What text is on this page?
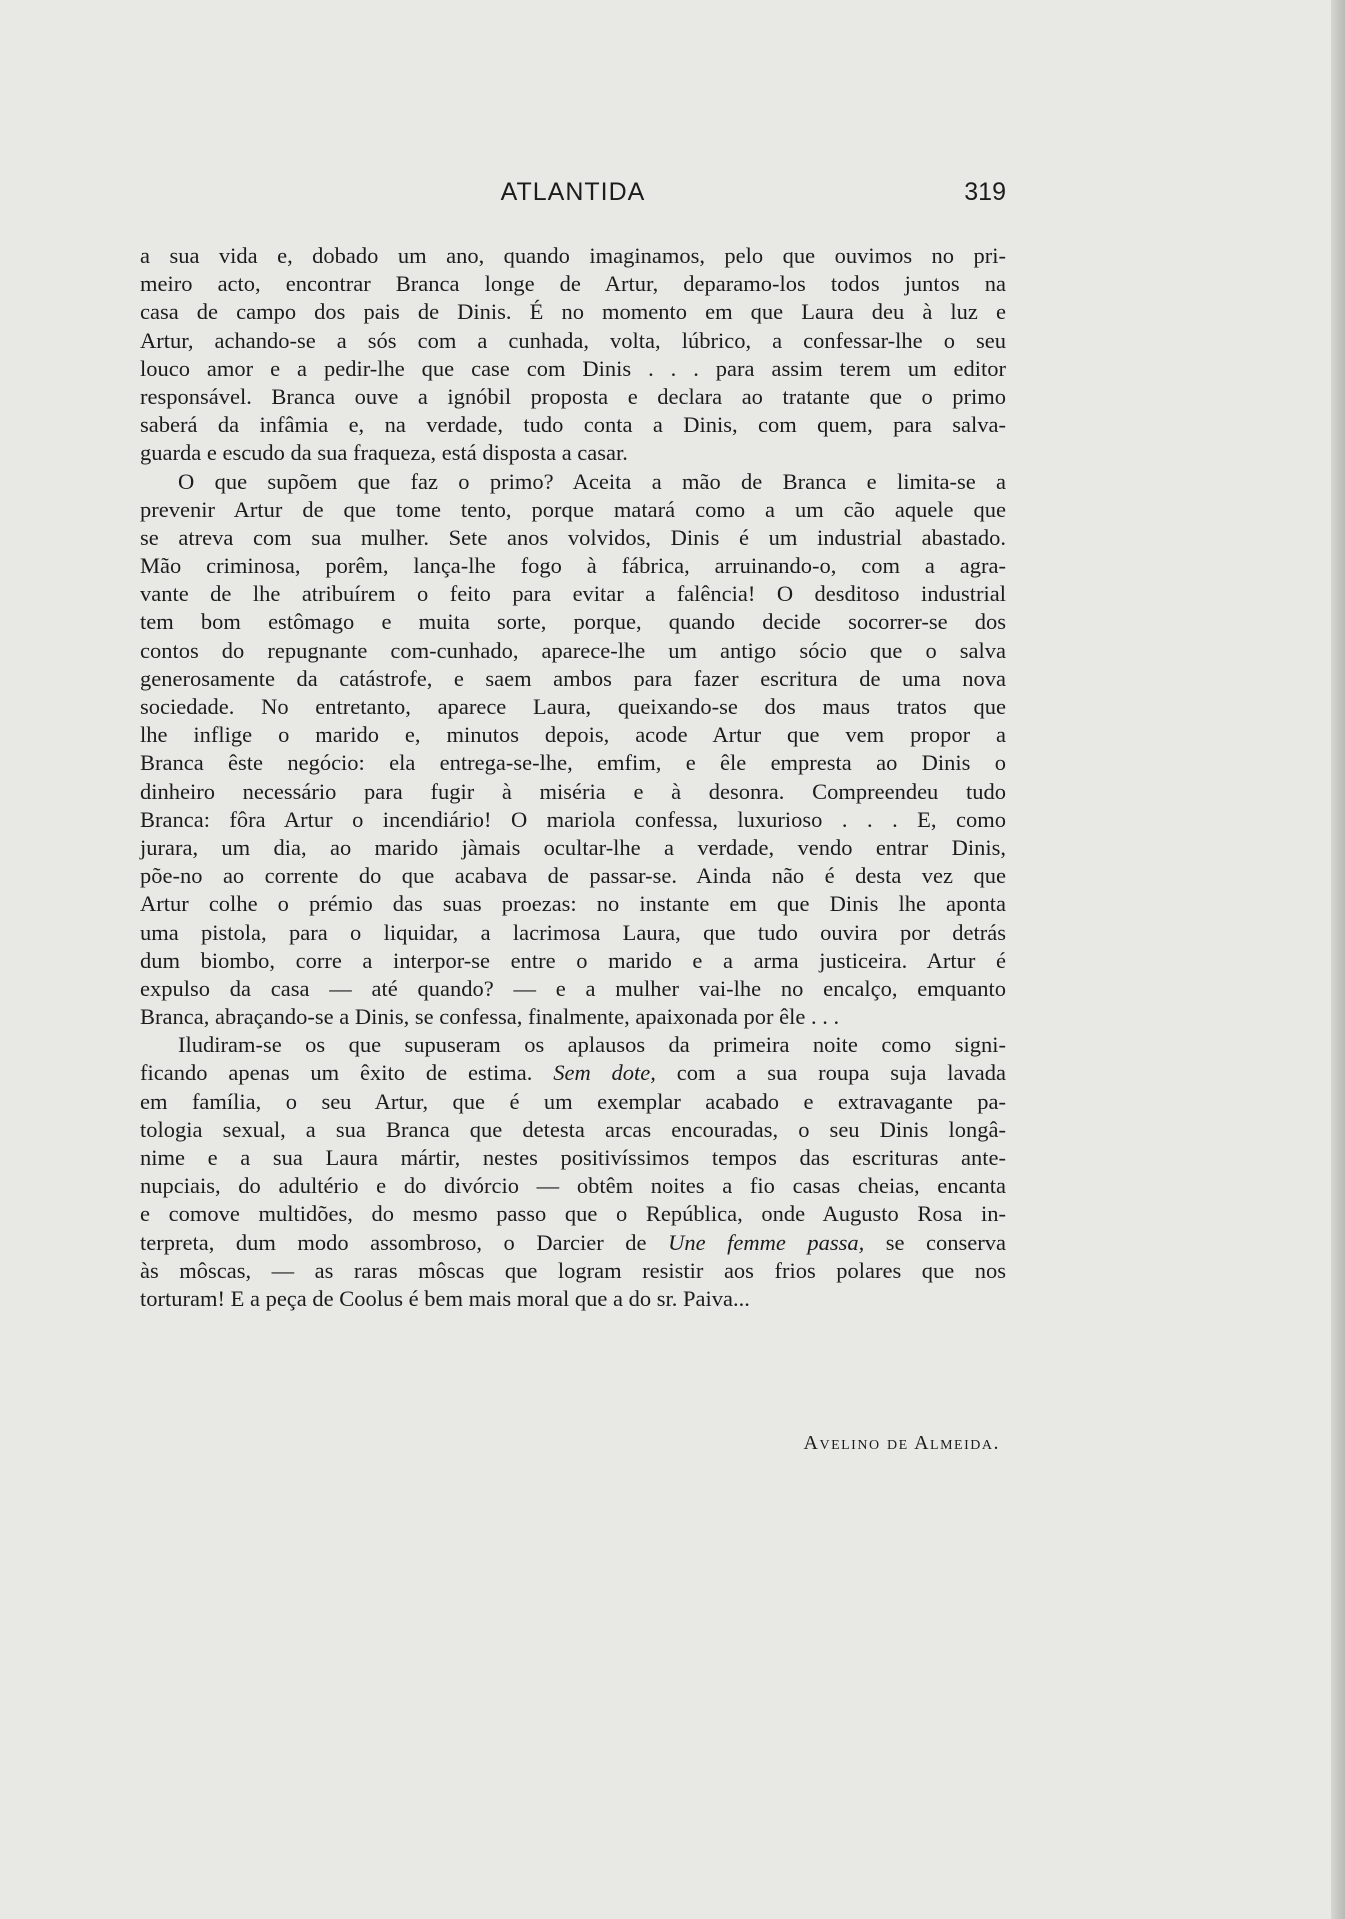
ATLANTIDA	319
a sua vida e, dobado um ano, quando imaginamos, pelo que ouvimos no pri-
meiro acto, encontrar Branca longe de Artur, deparamo-los todos juntos na
casa de campo dos pais de Dinis. É no momento em que Laura deu à luz e
Artur, achando-se a sós com a cunhada, volta, lúbrico, a confessar-lhe o seu
louco amor e a pedir-lhe que case com Dinis . . . para assim terem um editor
responsável. Branca ouve a ignóbil proposta e declara ao tratante que o primo
saberá da infâmia e, na verdade, tudo conta a Dinis, com quem, para salva-
guarda e escudo da sua fraqueza, está disposta a casar.
O que supõem que faz o primo? Aceita a mão de Branca e limita-se a
prevenir Artur de que tome tento, porque matará como a um cão aquele que
se atreva com sua mulher. Sete anos volvidos, Dinis é um industrial abastado.
Mão criminosa, porêm, lança-lhe fogo à fábrica, arruinando-o, com a agra-
vante de lhe atribuírem o feito para evitar a falência! O desditoso industrial
tem bom estômago e muita sorte, porque, quando decide socorrer-se dos
contos do repugnante com-cunhado, aparece-lhe um antigo sócio que o salva
generosamente da catástrofe, e saem ambos para fazer escritura de uma nova
sociedade. No entretanto, aparece Laura, queixando-se dos maus tratos que
lhe inflige o marido e, minutos depois, acode Artur que vem propor a
Branca êste negócio: ela entrega-se-lhe, emfim, e êle empresta ao Dinis o
dinheiro necessário para fugir à miséria e à desonra. Compreendeu tudo
Branca: fôra Artur o incendiário! O mariola confessa, luxurioso . . . E, como
jurara, um dia, ao marido jàmais ocultar-lhe a verdade, vendo entrar Dinis,
põe-no ao corrente do que acabava de passar-se. Ainda não é desta vez que
Artur colhe o prémio das suas proezas: no instante em que Dinis lhe aponta
uma pistola, para o liquidar, a lacrimosa Laura, que tudo ouvira por detrás
dum biombo, corre a interpor-se entre o marido e a arma justiceira. Artur é
expulso da casa — até quando? — e a mulher vai-lhe no encalço, emquanto
Branca, abraçando-se a Dinis, se confessa, finalmente, apaixonada por êle . . .
Iludiram-se os que supuseram os aplausos da primeira noite como signi-
ficando apenas um êxito de estima. Sem dote, com a sua roupa suja lavada
em família, o seu Artur, que é um exemplar acabado e extravagante pa-
tologia sexual, a sua Branca que detesta arcas encouradas, o seu Dinis longâ-
nime e a sua Laura mártir, nestes positivíssimos tempos das escrituras ante-
nupciais, do adultério e do divórcio — obtêm noites a fio casas cheias, encanta
e comove multidões, do mesmo passo que o República, onde Augusto Rosa in-
terpreta, dum modo assombroso, o Darcier de Une femme passa, se conserva
às môscas, — as raras môscas que logram resistir aos frios polares que nos
torturam! E a peça de Coolus é bem mais moral que a do sr. Paiva...
Avelino de Almeida.
